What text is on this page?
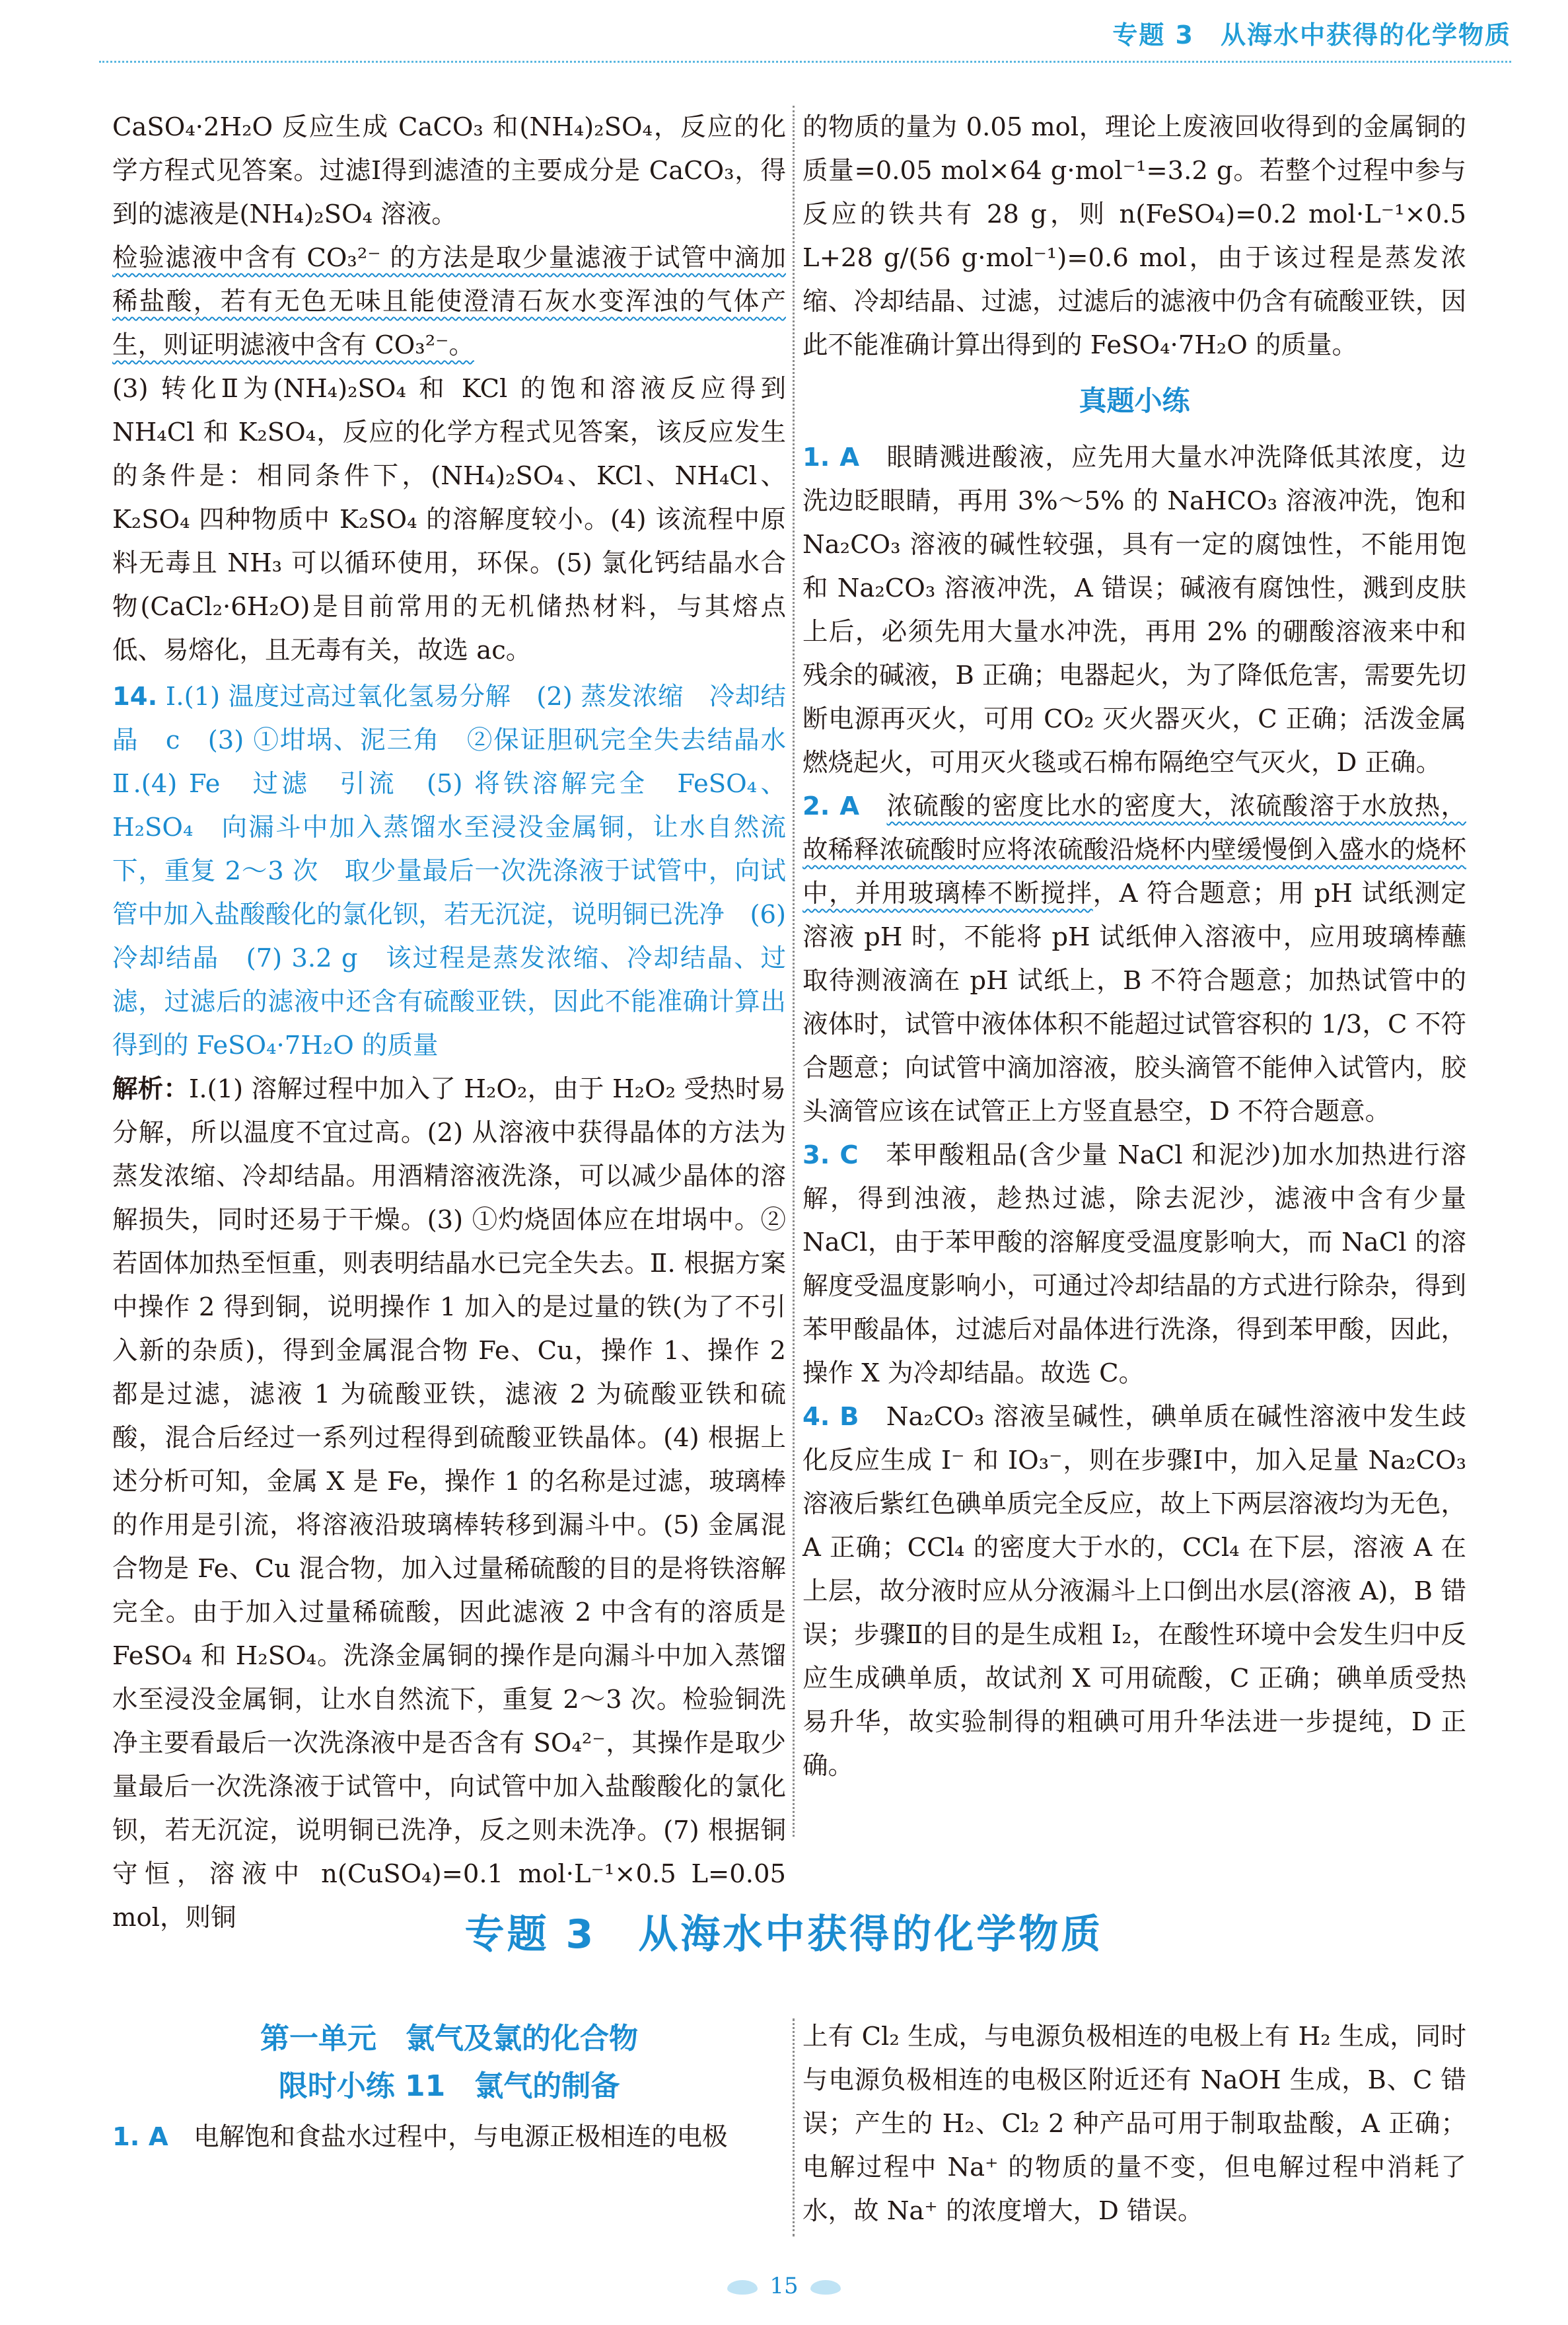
专题 3　从海水中获得的化学物质

CaSO₄·2H₂O 反应生成 CaCO₃ 和(NH₄)₂SO₄，反应的化学方程式见答案。过滤Ⅰ得到滤渣的主要成分是 CaCO₃，得到的滤液是(NH₄)₂SO₄ 溶液。

检验滤液中含有 CO₃²⁻ 的方法是取少量滤液于试管中滴加稀盐酸，若有无色无味且能使澄清石灰水变浑浊的气体产生，则证明滤液中含有 CO₃²⁻。

(3) 转化Ⅱ为(NH₄)₂SO₄ 和 KCl 的饱和溶液反应得到 NH₄Cl 和 K₂SO₄，反应的化学方程式见答案，该反应发生的条件是：相同条件下，(NH₄)₂SO₄、KCl、NH₄Cl、K₂SO₄ 四种物质中 K₂SO₄ 的溶解度较小。(4) 该流程中原料无毒且 NH₃ 可以循环使用，环保。(5) 氯化钙结晶水合物(CaCl₂·6H₂O)是目前常用的无机储热材料，与其熔点低、易熔化，且无毒有关，故选 ac。

14. Ⅰ.(1) 温度过高过氧化氢易分解　(2) 蒸发浓缩　冷却结晶　c　(3) ①坩埚、泥三角　②保证胆矾完全失去结晶水　Ⅱ.(4) Fe　过滤　引流　(5) 将铁溶解完全　FeSO₄、H₂SO₄　向漏斗中加入蒸馏水至浸没金属铜，让水自然流下，重复 2～3 次　取少量最后一次洗涤液于试管中，向试管中加入盐酸酸化的氯化钡，若无沉淀，说明铜已洗净　(6) 冷却结晶　(7) 3.2 g　该过程是蒸发浓缩、冷却结晶、过滤，过滤后的滤液中还含有硫酸亚铁，因此不能准确计算出得到的 FeSO₄·7H₂O 的质量

解析：Ⅰ.(1) 溶解过程中加入了 H₂O₂，由于 H₂O₂ 受热时易分解，所以温度不宜过高。(2) 从溶液中获得晶体的方法为蒸发浓缩、冷却结晶。用酒精溶液洗涤，可以减少晶体的溶解损失，同时还易于干燥。(3) ①灼烧固体应在坩埚中。②若固体加热至恒重，则表明结晶水已完全失去。Ⅱ. 根据方案中操作 2 得到铜，说明操作 1 加入的是过量的铁(为了不引入新的杂质)，得到金属混合物 Fe、Cu，操作 1、操作 2 都是过滤，滤液 1 为硫酸亚铁，滤液 2 为硫酸亚铁和硫酸，混合后经过一系列过程得到硫酸亚铁晶体。(4) 根据上述分析可知，金属 X 是 Fe，操作 1 的名称是过滤，玻璃棒的作用是引流，将溶液沿玻璃棒转移到漏斗中。(5) 金属混合物是 Fe、Cu 混合物，加入过量稀硫酸的目的是将铁溶解完全。由于加入过量稀硫酸，因此滤液 2 中含有的溶质是 FeSO₄ 和 H₂SO₄。洗涤金属铜的操作是向漏斗中加入蒸馏水至浸没金属铜，让水自然流下，重复 2～3 次。检验铜洗净主要看最后一次洗涤液中是否含有 SO₄²⁻，其操作是取少量最后一次洗涤液于试管中，向试管中加入盐酸酸化的氯化钡，若无沉淀，说明铜已洗净，反之则未洗净。(7) 根据铜守恒，溶液中 n(CuSO₄)=0.1 mol·L⁻¹×0.5 L=0.05 mol，则铜

的物质的量为 0.05 mol，理论上废液回收得到的金属铜的质量=0.05 mol×64 g·mol⁻¹=3.2 g。若整个过程中参与反应的铁共有 28 g，则 n(FeSO₄)=0.2 mol·L⁻¹×0.5 L+28 g/(56 g·mol⁻¹)=0.6 mol，由于该过程是蒸发浓缩、冷却结晶、过滤，过滤后的滤液中仍含有硫酸亚铁，因此不能准确计算出得到的 FeSO₄·7H₂O 的质量。

真题小练

1. A　 眼睛溅进酸液，应先用大量水冲洗降低其浓度，边洗边眨眼睛，再用 3%～5% 的 NaHCO₃ 溶液冲洗，饱和 Na₂CO₃ 溶液的碱性较强，具有一定的腐蚀性，不能用饱和 Na₂CO₃ 溶液冲洗，A 错误；碱液有腐蚀性，溅到皮肤上后，必须先用大量水冲洗，再用 2% 的硼酸溶液来中和残余的碱液，B 正确；电器起火，为了降低危害，需要先切断电源再灭火，可用 CO₂ 灭火器灭火，C 正确；活泼金属燃烧起火，可用灭火毯或石棉布隔绝空气灭火，D 正确。

2. A　 浓硫酸的密度比水的密度大，浓硫酸溶于水放热，故稀释浓硫酸时应将浓硫酸沿烧杯内壁缓慢倒入盛水的烧杯中，并用玻璃棒不断搅拌，A 符合题意；用 pH 试纸测定溶液 pH 时，不能将 pH 试纸伸入溶液中，应用玻璃棒蘸取待测液滴在 pH 试纸上，B 不符合题意；加热试管中的液体时，试管中液体体积不能超过试管容积的 1/3，C 不符合题意；向试管中滴加溶液，胶头滴管不能伸入试管内，胶头滴管应该在试管正上方竖直悬空，D 不符合题意。

3. C　 苯甲酸粗品(含少量 NaCl 和泥沙)加水加热进行溶解，得到浊液，趁热过滤，除去泥沙，滤液中含有少量 NaCl，由于苯甲酸的溶解度受温度影响大，而 NaCl 的溶解度受温度影响小，可通过冷却结晶的方式进行除杂，得到苯甲酸晶体，过滤后对晶体进行洗涤，得到苯甲酸，因此，操作 X 为冷却结晶。故选 C。

4. B　 Na₂CO₃ 溶液呈碱性，碘单质在碱性溶液中发生歧化反应生成 I⁻ 和 IO₃⁻，则在步骤Ⅰ中，加入足量 Na₂CO₃ 溶液后紫红色碘单质完全反应，故上下两层溶液均为无色，A 正确；CCl₄ 的密度大于水的，CCl₄ 在下层，溶液 A 在上层，故分液时应从分液漏斗上口倒出水层(溶液 A)，B 错误；步骤Ⅱ的目的是生成粗 I₂，在酸性环境中会发生归中反应生成碘单质，故试剂 X 可用硫酸，C 正确；碘单质受热易升华，故实验制得的粗碘可用升华法进一步提纯，D 正确。

专题 3　从海水中获得的化学物质
第一单元　氯气及氯的化合物
限时小练 11　氯气的制备

1. A　 电解饱和食盐水过程中，与电源正极相连的电极

上有 Cl₂ 生成，与电源负极相连的电极上有 H₂ 生成，同时与电源负极相连的电极区附近还有 NaOH 生成，B、C 错误；产生的 H₂、Cl₂ 2 种产品可用于制取盐酸，A 正确；电解过程中 Na⁺ 的物质的量不变，但电解过程中消耗了水，故 Na⁺ 的浓度增大，D 错误。

15
